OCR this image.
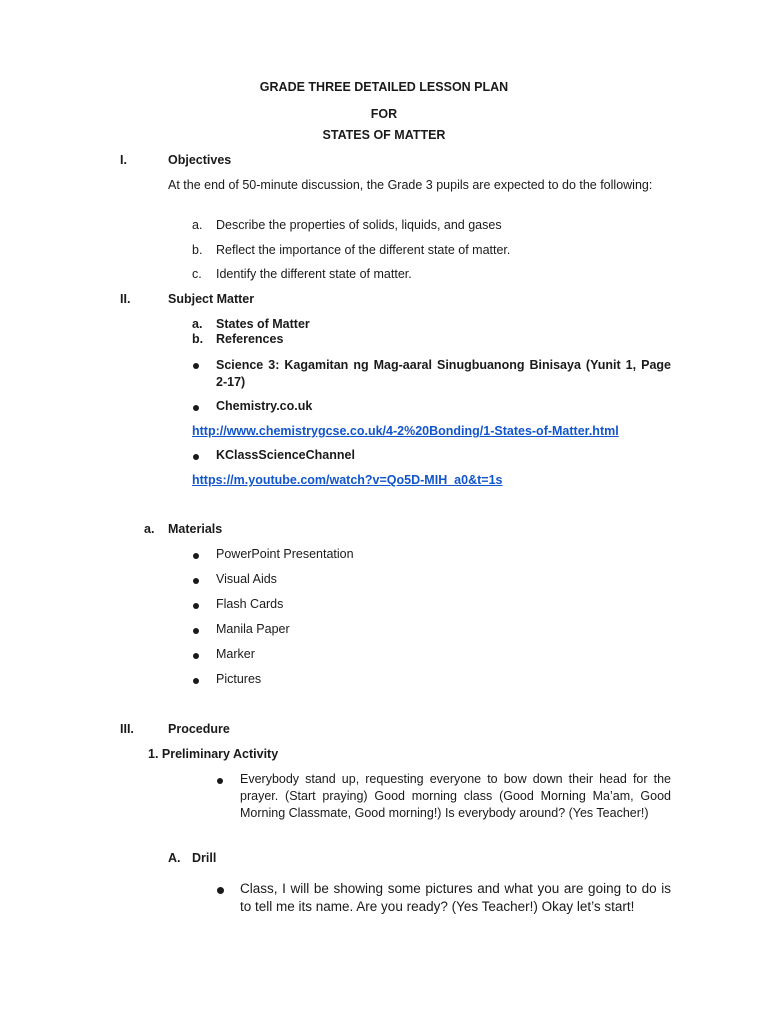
GRADE THREE DETAILED LESSON PLAN
FOR
STATES OF MATTER
I.	Objectives
At the end of 50-minute discussion, the Grade 3 pupils are expected to do the following:
a. Describe the properties of solids, liquids, and gases
b. Reflect the importance of the different state of matter.
c. Identify the different state of matter.
II.	Subject Matter
a. States of Matter
b. References
Science 3: Kagamitan ng Mag-aaral Sinugbuanong Binisaya (Yunit 1, Page 2-17)
Chemistry.co.uk
http://www.chemistrygcse.co.uk/4-2%20Bonding/1-States-of-Matter.html
KClassScienceChannel
https://m.youtube.com/watch?v=Qo5D-MIH_a0&t=1s
a. Materials
PowerPoint Presentation
Visual Aids
Flash Cards
Manila Paper
Marker
Pictures
III.	Procedure
1. Preliminary Activity
Everybody stand up, requesting everyone to bow down their head for the prayer. (Start praying) Good morning class (Good Morning Ma’am, Good Morning Classmate, Good morning!) Is everybody around? (Yes Teacher!)
A. Drill
Class, I will be showing some pictures and what you are going to do is to tell me its name. Are you ready? (Yes Teacher!) Okay let’s start!
